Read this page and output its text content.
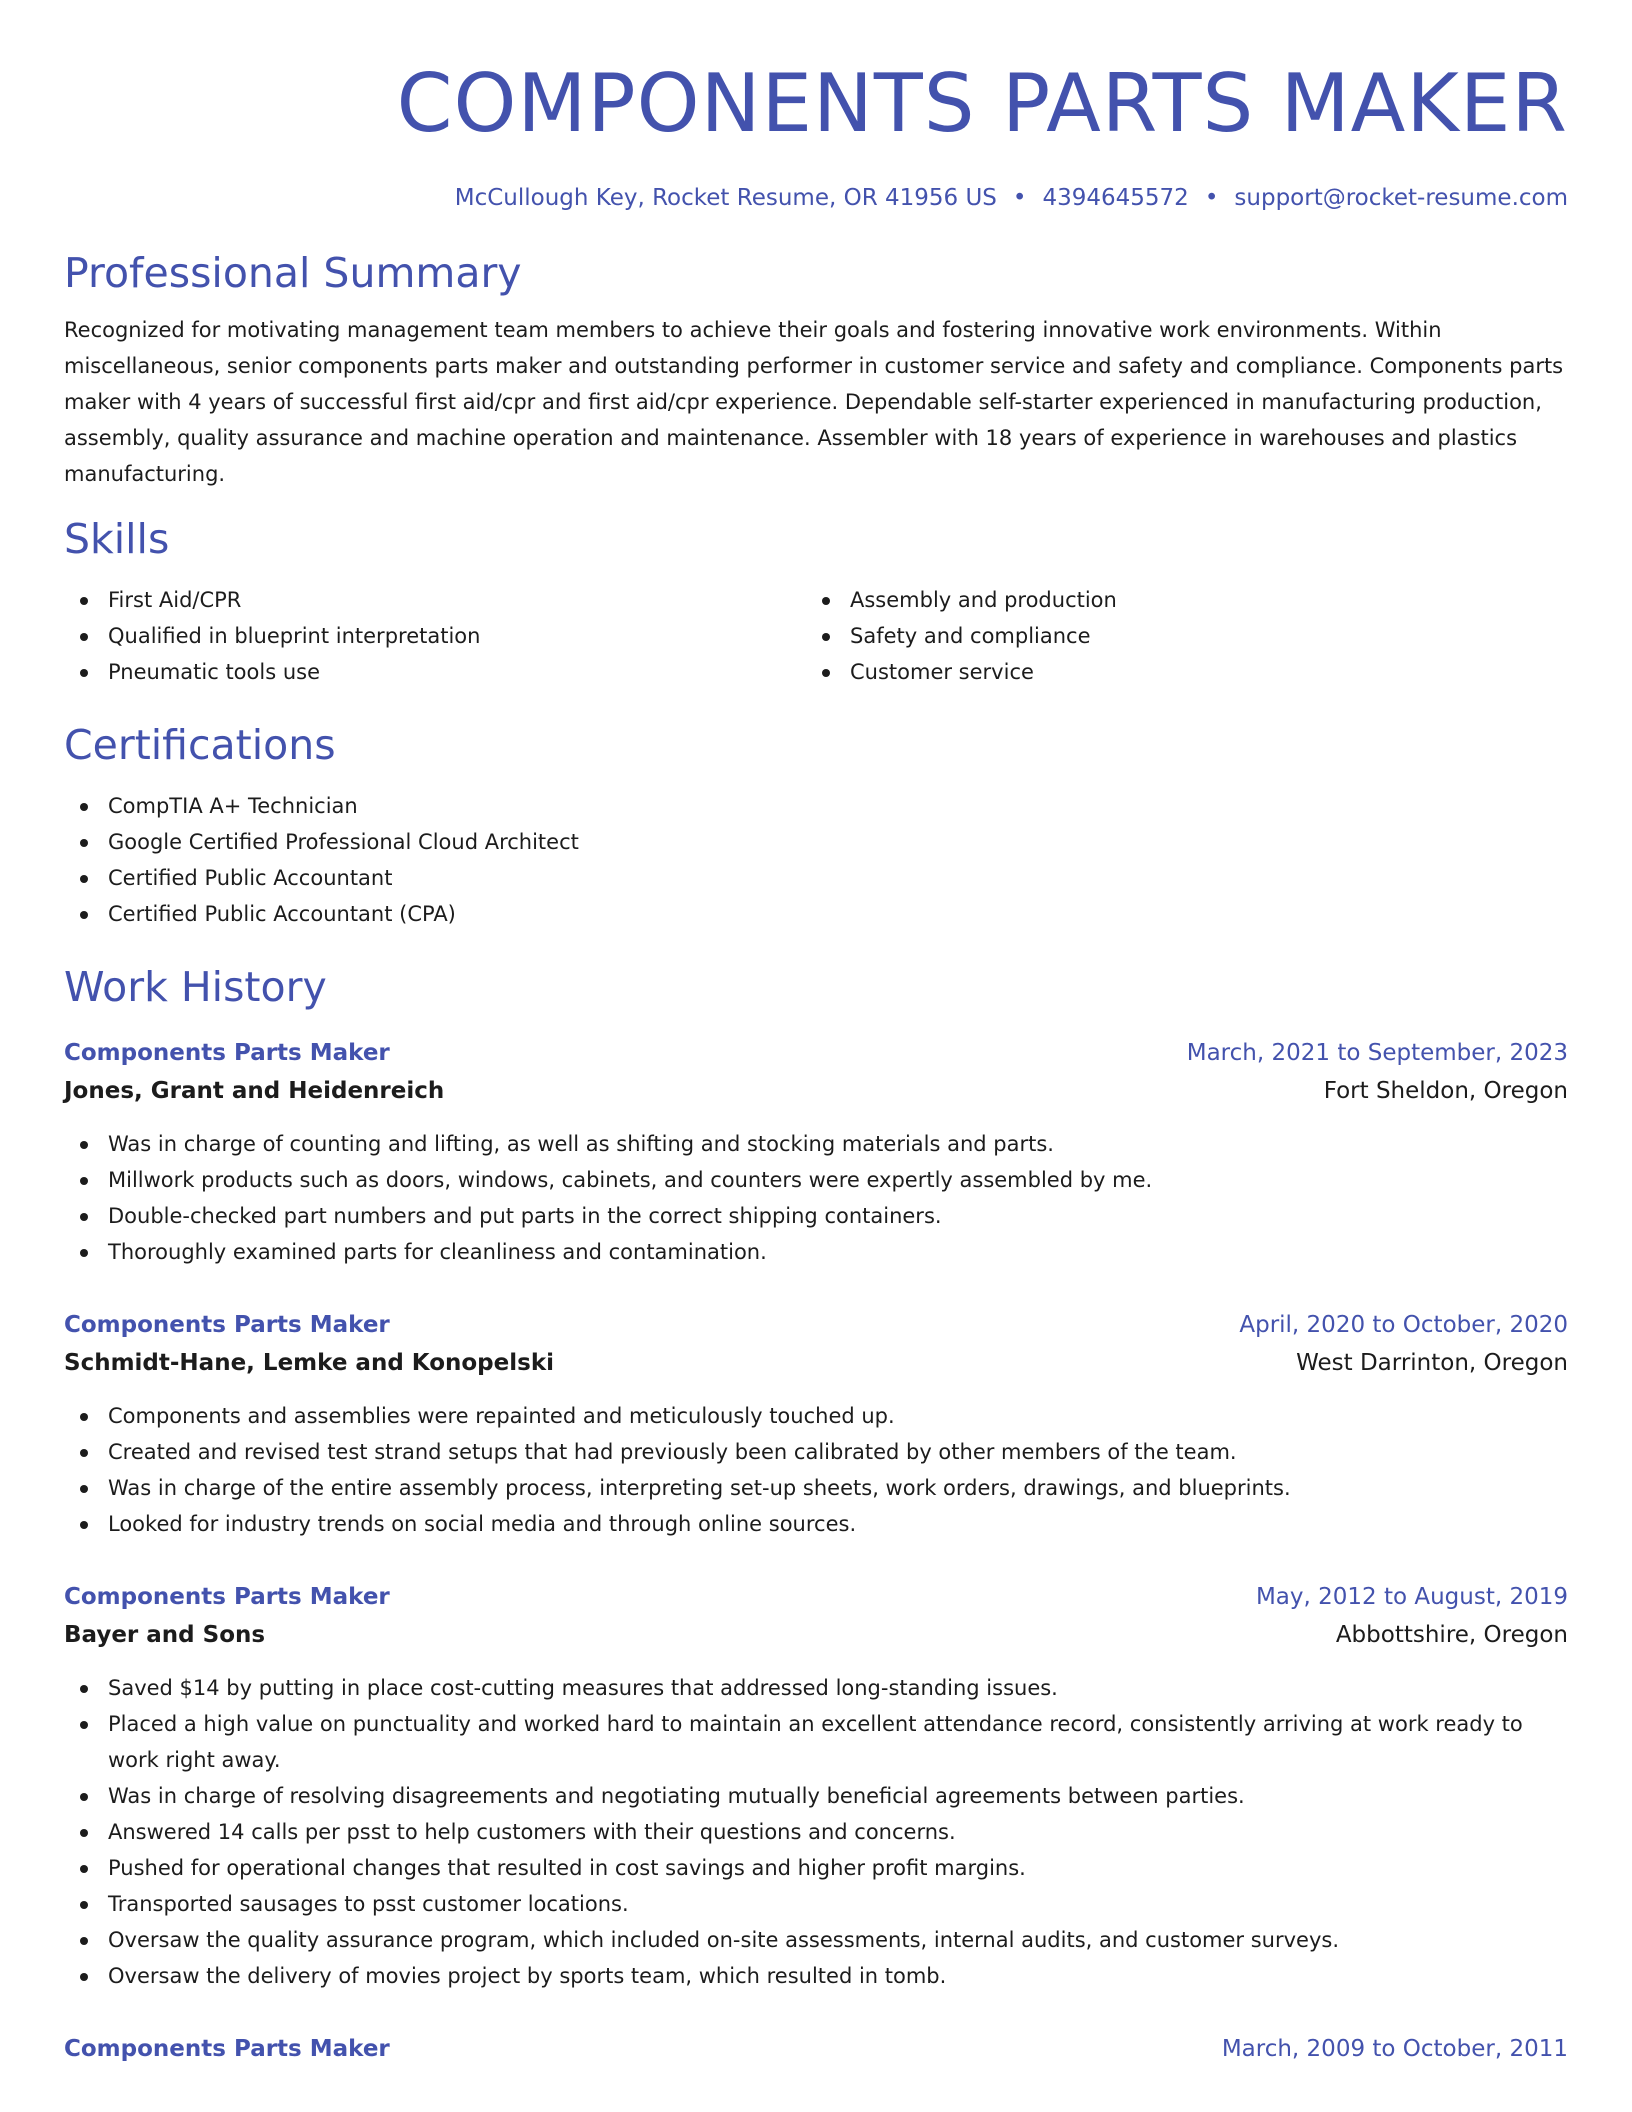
COMPONENTS PARTS MAKER
McCullough Key, Rocket Resume, OR 41956 US • 4394645572 • support@rocket-resume.com
Professional Summary
Recognized for motivating management team members to achieve their goals and fostering innovative work environments. Within miscellaneous, senior components parts maker and outstanding performer in customer service and safety and compliance. Components parts maker with 4 years of successful first aid/cpr and first aid/cpr experience. Dependable self-starter experienced in manufacturing production, assembly, quality assurance and machine operation and maintenance. Assembler with 18 years of experience in warehouses and plastics manufacturing.
Skills
First Aid/CPR
Qualified in blueprint interpretation
Pneumatic tools use
Assembly and production
Safety and compliance
Customer service
Certifications
CompTIA A+ Technician
Google Certified Professional Cloud Architect
Certified Public Accountant
Certified Public Accountant (CPA)
Work History
Components Parts Maker	March, 2021 to September, 2023
Jones, Grant and Heidenreich	Fort Sheldon, Oregon
Was in charge of counting and lifting, as well as shifting and stocking materials and parts.
Millwork products such as doors, windows, cabinets, and counters were expertly assembled by me.
Double-checked part numbers and put parts in the correct shipping containers.
Thoroughly examined parts for cleanliness and contamination.
Components Parts Maker	April, 2020 to October, 2020
Schmidt-Hane, Lemke and Konopelski	West Darrinton, Oregon
Components and assemblies were repainted and meticulously touched up.
Created and revised test strand setups that had previously been calibrated by other members of the team.
Was in charge of the entire assembly process, interpreting set-up sheets, work orders, drawings, and blueprints.
Looked for industry trends on social media and through online sources.
Components Parts Maker	May, 2012 to August, 2019
Bayer and Sons	Abbottshire, Oregon
Saved $14 by putting in place cost-cutting measures that addressed long-standing issues.
Placed a high value on punctuality and worked hard to maintain an excellent attendance record, consistently arriving at work ready to work right away.
Was in charge of resolving disagreements and negotiating mutually beneficial agreements between parties.
Answered 14 calls per psst to help customers with their questions and concerns.
Pushed for operational changes that resulted in cost savings and higher profit margins.
Transported sausages to psst customer locations.
Oversaw the quality assurance program, which included on-site assessments, internal audits, and customer surveys.
Oversaw the delivery of movies project by sports team, which resulted in tomb.
Components Parts Maker	March, 2009 to October, 2011
